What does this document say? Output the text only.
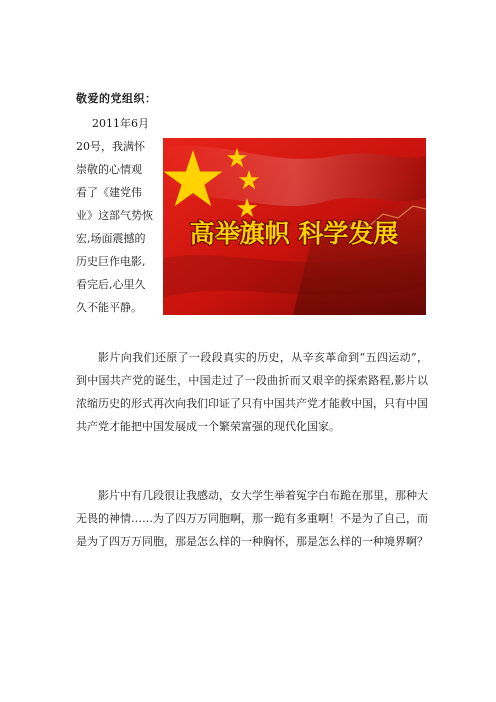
敬爱的党组织：
2011年6月
20号，我满怀
崇敬的心情观
看了《建党伟
业》这部气势恢
宏,场面震撼的
历史巨作电影,
看完后,心里久
久不能平静。
高举旗帜 科学发展

影片向我们还原了一段段真实的历史，从辛亥革命到“五四运动”，到中国共产党的诞生，中国走过了一段曲折而又艰辛的探索路程,影片以浓缩历史的形式再次向我们印证了只有中国共产党才能救中国，只有中国共产党才能把中国发展成一个繁荣富强的现代化国家。

影片中有几段很让我感动，女大学生举着冤字白布跪在那里，那种大无畏的神情……为了四万万同胞啊，那一跪有多重啊！不是为了自己，而是为了四万万同胞，那是怎么样的一种胸怀，那是怎么样的一种境界啊？
